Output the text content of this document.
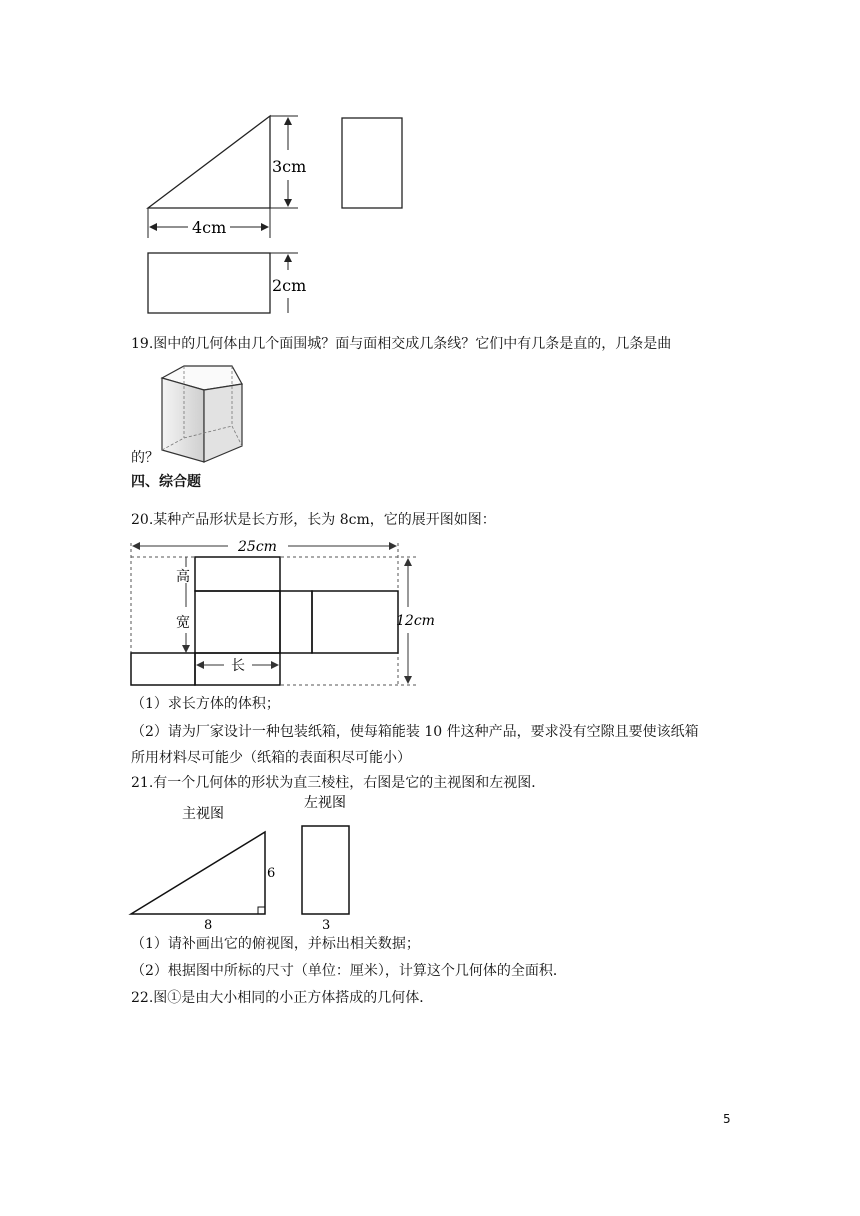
3cm
4cm
2cm
19.图中的几何体由几个面围城？面与面相交成几条线？它们中有几条是直的，几条是曲
的？
四、综合题
20.某种产品形状是长方形，长为 8cm，它的展开图如图：
25cm
12cm
高
宽
长
（1）求长方体的体积；
（2）请为厂家设计一种包装纸箱，使每箱能装 10 件这种产品，要求没有空隙且要使该纸箱
所用材料尽可能少（纸箱的表面积尽可能小）
21.有一个几何体的形状为直三棱柱，右图是它的主视图和左视图．
主视图
左视图
6
8	3
（1）请补画出它的俯视图，并标出相关数据；
（2）根据图中所标的尺寸（单位：厘米），计算这个几何体的全面积．
22.图①是由大小相同的小正方体搭成的几何体．
5
